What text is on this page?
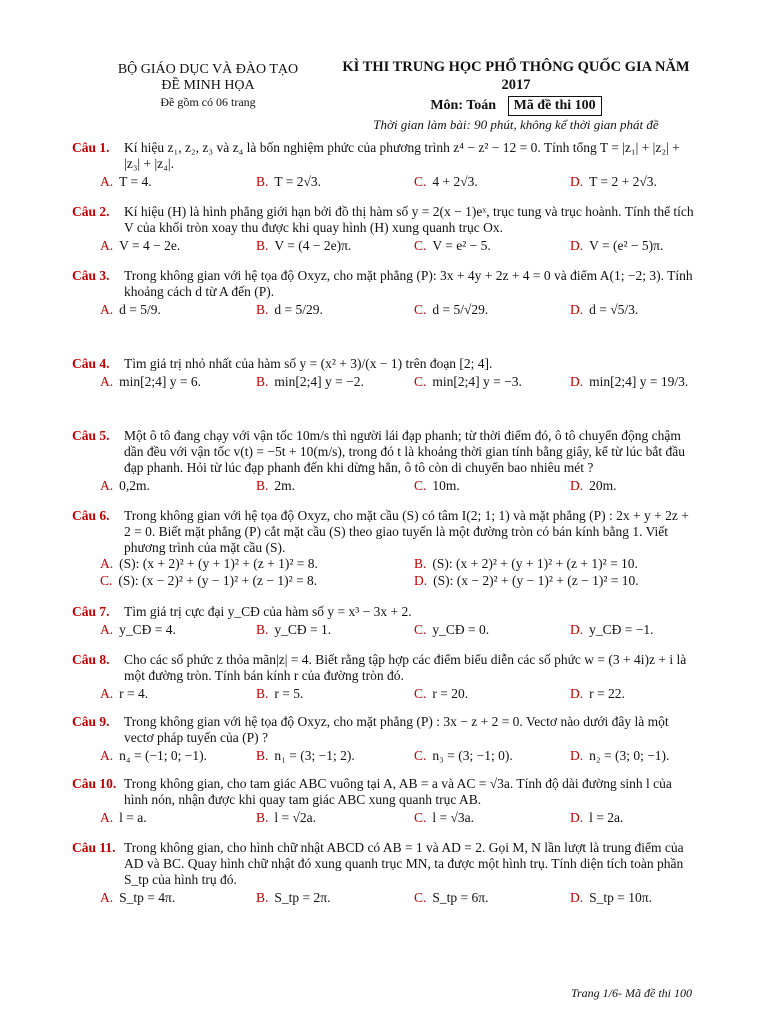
BỘ GIÁO DỤC VÀ ĐÀO TẠO
ĐỀ MINH HỌA
Đề gồm có 06 trang
KÌ THI TRUNG HỌC PHỔ THÔNG QUỐC GIA NĂM 2017
Môn: Toán Mã đề thi 100
Thời gian làm bài: 90 phút, không kể thời gian phát đề
Câu 1. Kí hiệu z₁, z₂, z₃ và z₄ là bốn nghiệm phức của phương trình z⁴ − z² − 12 = 0. Tính tổng T = |z₁| + |z₂| + |z₃| + |z₄|.
A. T = 4.	B. T = 2√3.	C. 4 + 2√3.	D. T = 2 + 2√3.
Câu 2. Kí hiệu (H) là hình phẳng giới hạn bởi đồ thị hàm số y = 2(x − 1)eˣ, trục tung và trục hoành. Tính thể tích V của khối tròn xoay thu được khi quay hình (H) xung quanh trục Ox.
A. V = 4 − 2e.	B. V = (4 − 2e)π.	C. V = e² − 5.	D. V = (e² − 5)π.
Câu 3. Trong không gian với hệ tọa độ Oxyz, cho mặt phẳng (P): 3x + 4y + 2z + 4 = 0 và điểm A(1; −2; 3). Tính khoảng cách d từ A đến (P).
A. d = 5/9.	B. d = 5/29.	C. d = 5/√29.	D. d = √5/3.
Câu 4. Tìm giá trị nhỏ nhất của hàm số y = (x² + 3)/(x − 1) trên đoạn [2; 4].
A. min[2;4] y = 6.	B. min[2;4] y = −2.	C. min[2;4] y = −3.	D. min[2;4] y = 19/3.
Câu 5. Một ô tô đang chạy với vận tốc 10m/s thì người lái đạp phanh; từ thời điểm đó, ô tô chuyển động chậm dần đều với vận tốc v(t) = −5t + 10(m/s), trong đó t là khoảng thời gian tính bằng giây, kể từ lúc bắt đầu đạp phanh. Hỏi từ lúc đạp phanh đến khi dừng hẳn, ô tô còn di chuyển bao nhiêu mét ?
A. 0,2m.	B. 2m.	C. 10m.	D. 20m.
Câu 6. Trong không gian với hệ tọa độ Oxyz, cho mặt cầu (S) có tâm I(2; 1; 1) và mặt phẳng (P) : 2x + y + 2z + 2 = 0. Biết mặt phẳng (P) cắt mặt cầu (S) theo giao tuyến là một đường tròn có bán kính bằng 1. Viết phương trình của mặt cầu (S).
A. (S): (x + 2)² + (y + 1)² + (z + 1)² = 8.	B. (S): (x + 2)² + (y + 1)² + (z + 1)² = 10.
C. (S): (x − 2)² + (y − 1)² + (z − 1)² = 8.	D. (S): (x − 2)² + (y − 1)² + (z − 1)² = 10.
Câu 7. Tìm giá trị cực đại y_CĐ của hàm số y = x³ − 3x + 2.
A. y_CĐ = 4.	B. y_CĐ = 1.	C. y_CĐ = 0.	D. y_CĐ = −1.
Câu 8. Cho các số phức z thỏa mãn|z| = 4. Biết rằng tập hợp các điểm biểu diễn các số phức w = (3 + 4i)z + i là một đường tròn. Tính bán kính r của đường tròn đó.
A. r = 4.	B. r = 5.	C. r = 20.	D. r = 22.
Câu 9. Trong không gian với hệ tọa độ Oxyz, cho mặt phẳng (P) : 3x − z + 2 = 0. Vectơ nào dưới đây là một vectơ pháp tuyến của (P) ?
A. n₄ = (−1; 0; −1).	B. n₁ = (3; −1; 2).	C. n₃ = (3; −1; 0).	D. n₂ = (3; 0; −1).
Câu 10. Trong không gian, cho tam giác ABC vuông tại A, AB = a và AC = √3a. Tính độ dài đường sinh l của hình nón, nhận được khi quay tam giác ABC xung quanh trục AB.
A. l = a.	B. l = √2a.	C. l = √3a.	D. l = 2a.
Câu 11. Trong không gian, cho hình chữ nhật ABCD có AB = 1 và AD = 2. Gọi M, N lần lượt là trung điểm của AD và BC. Quay hình chữ nhật đó xung quanh trục MN, ta được một hình trụ. Tính diện tích toàn phần S_tp của hình trụ đó.
A. S_tp = 4π.	B. S_tp = 2π.	C. S_tp = 6π.	D. S_tp = 10π.
Trang 1/6- Mã đề thi 100
